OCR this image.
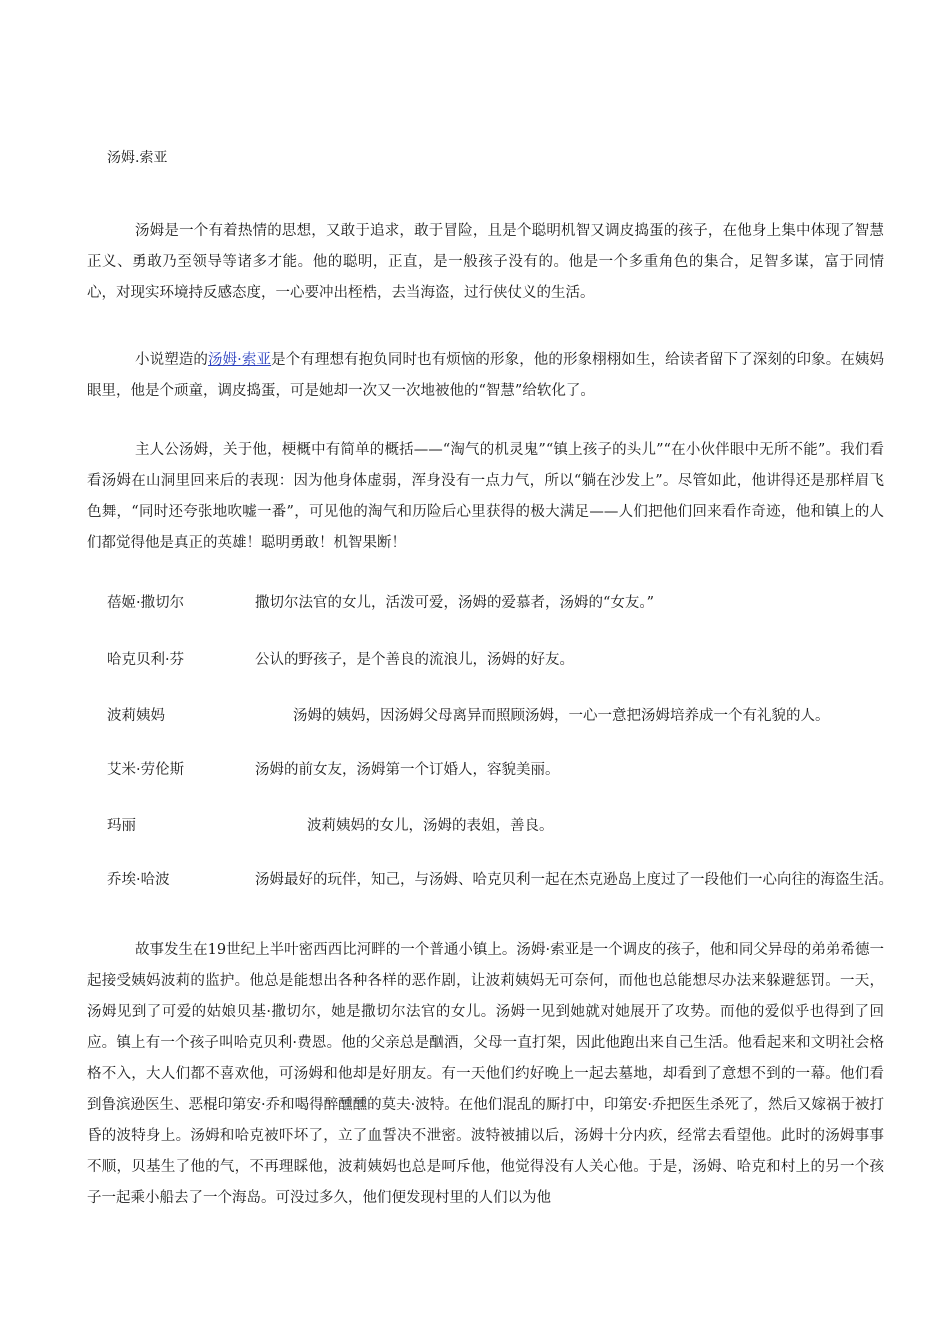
汤姆.索亚

汤姆是一个有着热情的思想，又敢于追求，敢于冒险，且是个聪明机智又调皮捣蛋的孩子，在他身上集中体现了智慧　正义、勇敢乃至领导等诸多才能。他的聪明，正直，是一般孩子没有的。他是一个多重角色的集合，足智多谋，富于同情心，对现实环境持反感态度，一心要冲出桎梏，去当海盗，过行侠仗义的生活。

小说塑造的汤姆·索亚是个有理想有抱负同时也有烦恼的形象，他的形象栩栩如生，给读者留下了深刻的印象。在姨妈眼里，他是个顽童，调皮捣蛋，可是她却一次又一次地被他的“智慧”给软化了。

主人公汤姆，关于他，梗概中有简单的概括——“淘气的机灵鬼”“镇上孩子的头儿”“在小伙伴眼中无所不能”。我们看看汤姆在山洞里回来后的表现：因为他身体虚弱，浑身没有一点力气，所以“躺在沙发上”。尽管如此，他讲得还是那样眉飞色舞，“同时还夸张地吹嘘一番”，可见他的淘气和历险后心里获得的极大满足——人们把他们回来看作奇迹，他和镇上的人们都觉得他是真正的英雄！聪明勇敢！机智果断！

蓓姬·撒切尔	撒切尔法官的女儿，活泼可爱，汤姆的爱慕者，汤姆的“女友。”
哈克贝利·芬	公认的野孩子，是个善良的流浪儿，汤姆的好友。
波莉姨妈	汤姆的姨妈，因汤姆父母离异而照顾汤姆，一心一意把汤姆培养成一个有礼貌的人。
艾米·劳伦斯	汤姆的前女友，汤姆第一个订婚人，容貌美丽。
玛丽	波莉姨妈的女儿，汤姆的表姐，善良。
乔埃·哈波	汤姆最好的玩伴，知己，与汤姆、哈克贝利一起在杰克逊岛上度过了一段他们一心向往的海盗生活。

故事发生在19世纪上半叶密西西比河畔的一个普通小镇上。汤姆·索亚是一个调皮的孩子，他和同父异母的弟弟希德一起接受姨妈波莉的监护。他总是能想出各种各样的恶作剧，让波莉姨妈无可奈何，而他也总能想尽办法来躲避惩罚。一天，汤姆见到了可爱的姑娘贝基·撒切尔，她是撒切尔法官的女儿。汤姆一见到她就对她展开了攻势。而他的爱似乎也得到了回应。镇上有一个孩子叫哈克贝利·费恩。他的父亲总是酗酒，父母一直打架，因此他跑出来自己生活。他看起来和文明社会格格不入，大人们都不喜欢他，可汤姆和他却是好朋友。有一天他们约好晚上一起去墓地，却看到了意想不到的一幕。他们看到鲁滨逊医生、恶棍印第安·乔和喝得醉醺醺的莫夫·波特。在他们混乱的厮打中，印第安·乔把医生杀死了，然后又嫁祸于被打昏的波特身上。汤姆和哈克被吓坏了，立了血誓决不泄密。波特被捕以后，汤姆十分内疚，经常去看望他。此时的汤姆事事不顺，贝基生了他的气，不再理睬他，波莉姨妈也总是呵斥他，他觉得没有人关心他。于是，汤姆、哈克和村上的另一个孩子一起乘小船去了一个海岛。可没过多久，他们便发现村里的人们以为他
